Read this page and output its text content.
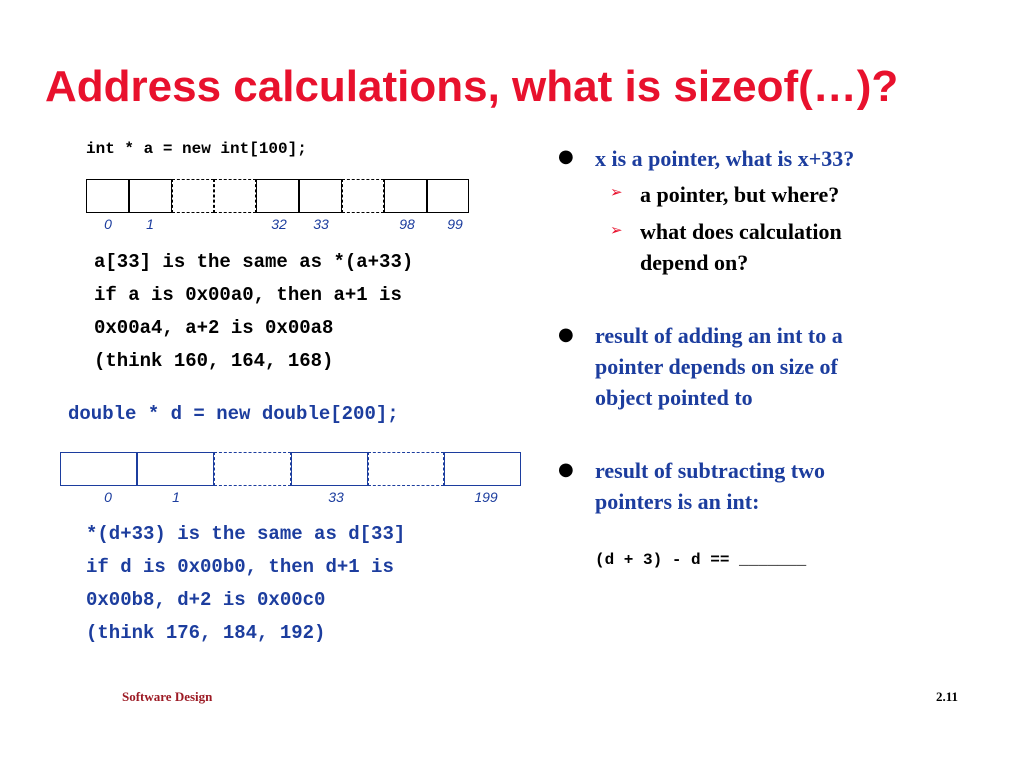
Address calculations, what is sizeof(…)?
int * a = new int[100];
0	1	32	33	98	99
a[33] is the same as *(a+33)
if a is 0x00a0, then a+1 is
0x00a4, a+2 is 0x00a8
(think 160, 164, 168)
double * d = new double[200];
0	1	33	199
*(d+33) is the same as d[33]
if d is 0x00b0, then d+1 is
0x00b8, d+2 is 0x00c0
(think 176, 184, 192)
● x is a pointer, what is x+33?
➢ a pointer, but where?
➢ what does calculation
depend on?
● result of adding an int to a
pointer depends on size of
object pointed to
● result of subtracting two
pointers is an int:
(d + 3) - d == _______
Software Design	2.11
